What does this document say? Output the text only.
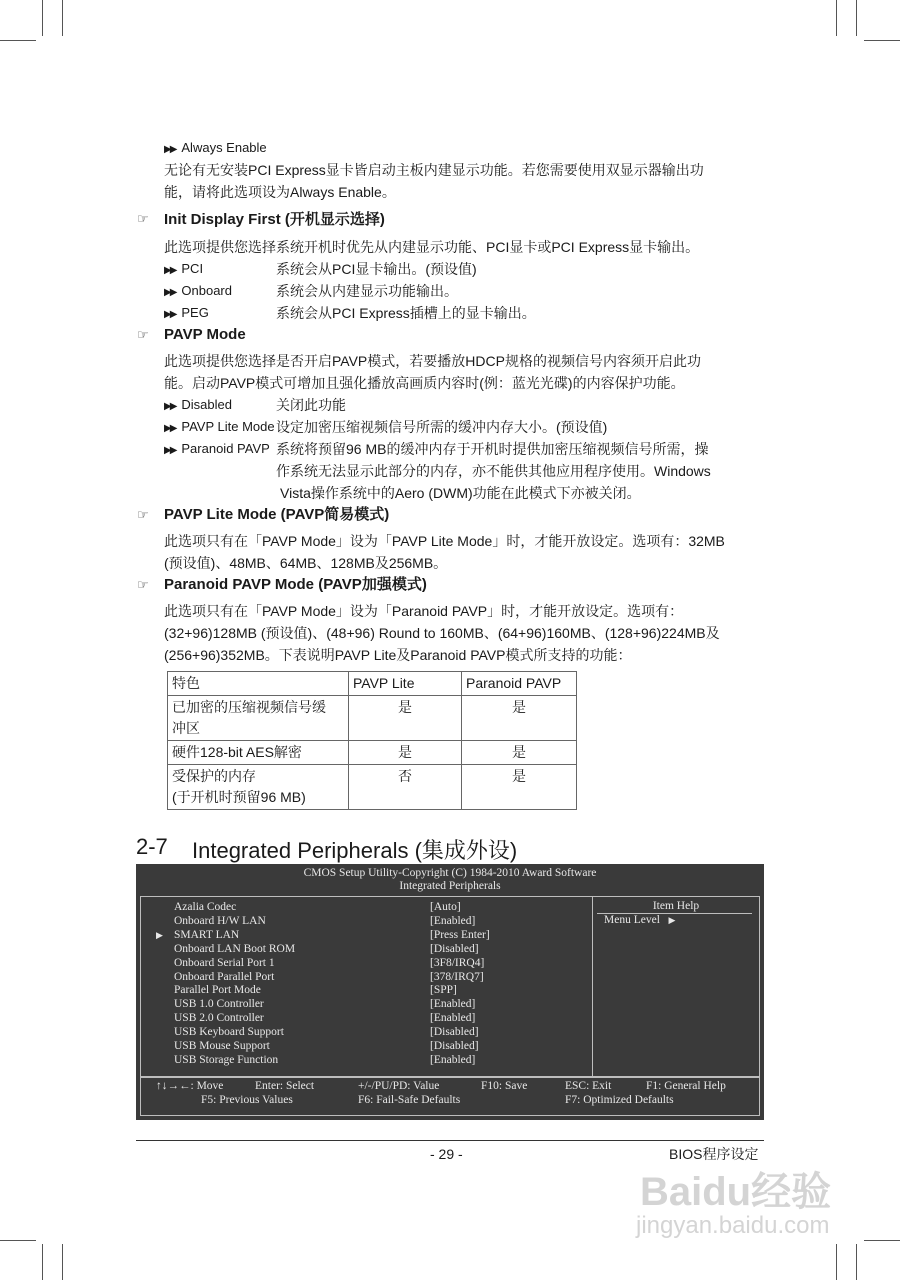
▶▶ Always Enable
无论有无安装PCI Express显卡皆启动主板内建显示功能。若您需要使用双显示器输出功
能，请将此选项设为Always Enable。
☞ Init Display First (开机显示选择)
此选项提供您选择系统开机时优先从内建显示功能、PCI显卡或PCI Express显卡输出。
▶▶ PCI	系统会从PCI显卡输出。(预设值)
▶▶ Onboard	系统会从内建显示功能输出。
▶▶ PEG	系统会从PCI Express插槽上的显卡输出。
☞ PAVP Mode
此选项提供您选择是否开启PAVP模式，若要播放HDCP规格的视频信号内容须开启此功
能。启动PAVP模式可增加且强化播放高画质内容时(例：蓝光光碟)的内容保护功能。
▶▶ Disabled	关闭此功能
▶▶ PAVP Lite Mode 设定加密压缩视频信号所需的缓冲内存大小。(预设值)
▶▶ Paranoid PAVP 系统将预留96 MB的缓冲内存于开机时提供加密压缩视频信号所需，操
作系统无法显示此部分的内存，亦不能供其他应用程序使用。Windows
Vista操作系统中的Aero (DWM)功能在此模式下亦被关闭。
☞ PAVP Lite Mode (PAVP简易模式)
此选项只有在「PAVP Mode」设为「PAVP Lite Mode」时，才能开放设定。选项有：32MB
(预设值)、48MB、64MB、128MB及256MB。
☞ Paranoid PAVP Mode (PAVP加强模式)
此选项只有在「PAVP Mode」设为「Paranoid PAVP」时，才能开放设定。选项有：
(32+96)128MB (预设值)、(48+96) Round to 160MB、(64+96)160MB、(128+96)224MB及
(256+96)352MB。下表说明PAVP Lite及Paranoid PAVP模式所支持的功能：
特色	PAVP Lite	Paranoid PAVP

已加密的压缩视频信号缓
冲区	是	是
硬件128-bit AES解密	是	是

受保护的内存
(于开机时预留96 MB)	否	是
2-7 Integrated Peripherals (集成外设)
CMOS Setup Utility-Copyright (C) 1984-2010 Award Software
Integrated Peripherals
Azalia Codec	[Auto]
Onboard H/W LAN	[Enabled]
▶ SMART LAN	[Press Enter]
Onboard LAN Boot ROM	[Disabled]
Onboard Serial Port 1	[3F8/IRQ4]
Onboard Parallel Port	[378/IRQ7]
Parallel Port Mode	[SPP]
USB 1.0 Controller	[Enabled]
USB 2.0 Controller	[Enabled]
USB Keyboard Support	[Disabled]
USB Mouse Support	[Disabled]
USB Storage Function	[Enabled]
Item Help
Menu Level ▶
↑↓→←: Move	Enter: Select	+/-/PU/PD: Value	F10: Save	ESC: Exit	F1: General Help
F5: Previous Values	F6: Fail-Safe Defaults	F7: Optimized Defaults
- 29 -	BIOS程序设定
Baidu经验
jingyan.baidu.com
